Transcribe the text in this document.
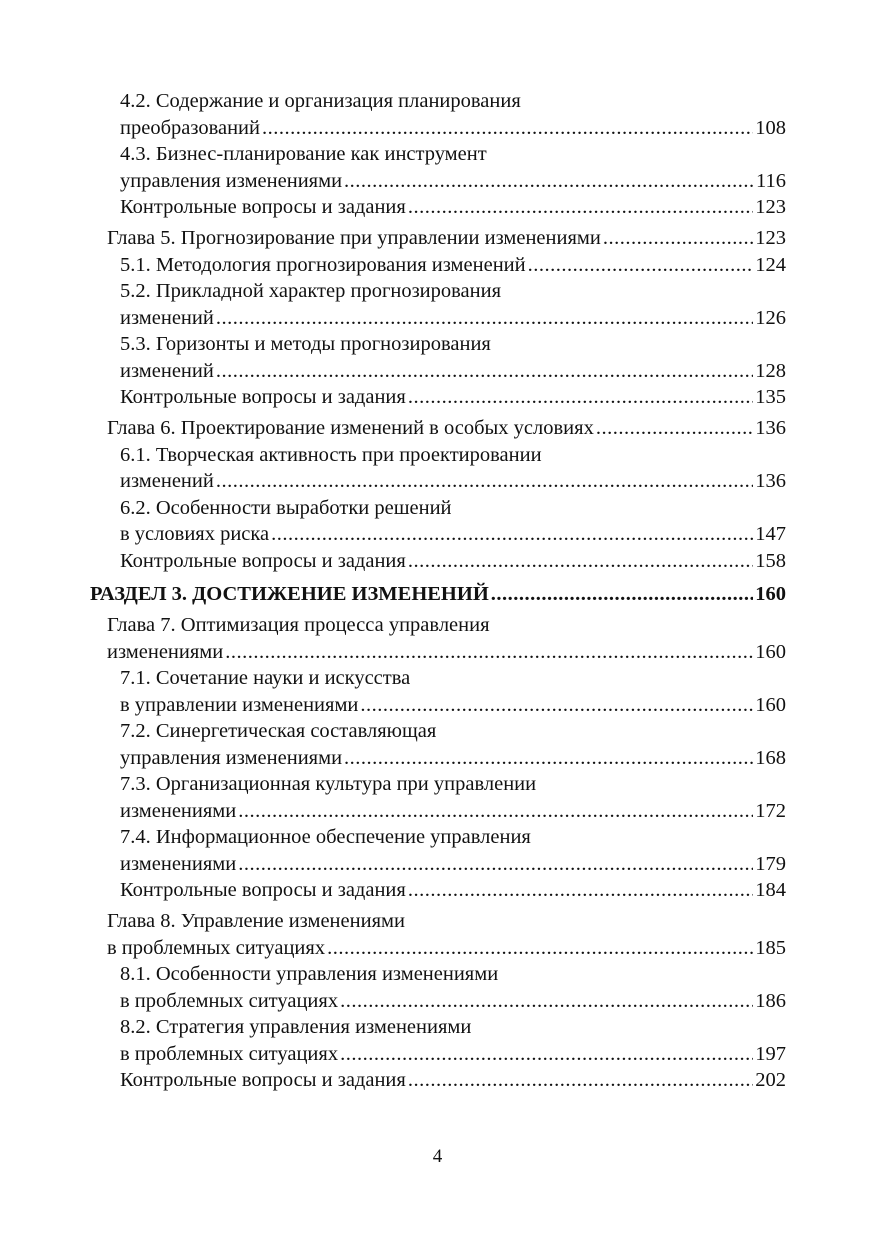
4.2. Содержание и организация планирования
преобразований .....	108
4.3. Бизнес-планирование как инструмент
управления изменениями .....	116
Контрольные вопросы и задания .....	123
Глава 5. Прогнозирование при управлении изменениями .....	123
5.1. Методология прогнозирования изменений .....	124
5.2. Прикладной характер прогнозирования
изменений .....	126
5.3. Горизонты и методы прогнозирования
изменений .....	128
Контрольные вопросы и задания .....	135
Глава 6. Проектирование изменений в особых условиях .....	136
6.1. Творческая активность при проектировании
изменений .....	136
6.2. Особенности выработки решений
в условиях риска .....	147
Контрольные вопросы и задания .....	158
РАЗДЕЛ 3. ДОСТИЖЕНИЕ ИЗМЕНЕНИЙ .....	160
Глава 7. Оптимизация процесса управления
изменениями .....	160
7.1. Сочетание науки и искусства
в управлении изменениями .....	160
7.2. Синергетическая составляющая
управления изменениями .....	168
7.3. Организационная культура при управлении
изменениями .....	172
7.4. Информационное обеспечение управления
изменениями .....	179
Контрольные вопросы и задания .....	184
Глава 8. Управление изменениями
в проблемных ситуациях .....	185
8.1. Особенности управления изменениями
в проблемных ситуациях .....	186
8.2. Стратегия управления изменениями
в проблемных ситуациях .....	197
Контрольные вопросы и задания .....	202
4
